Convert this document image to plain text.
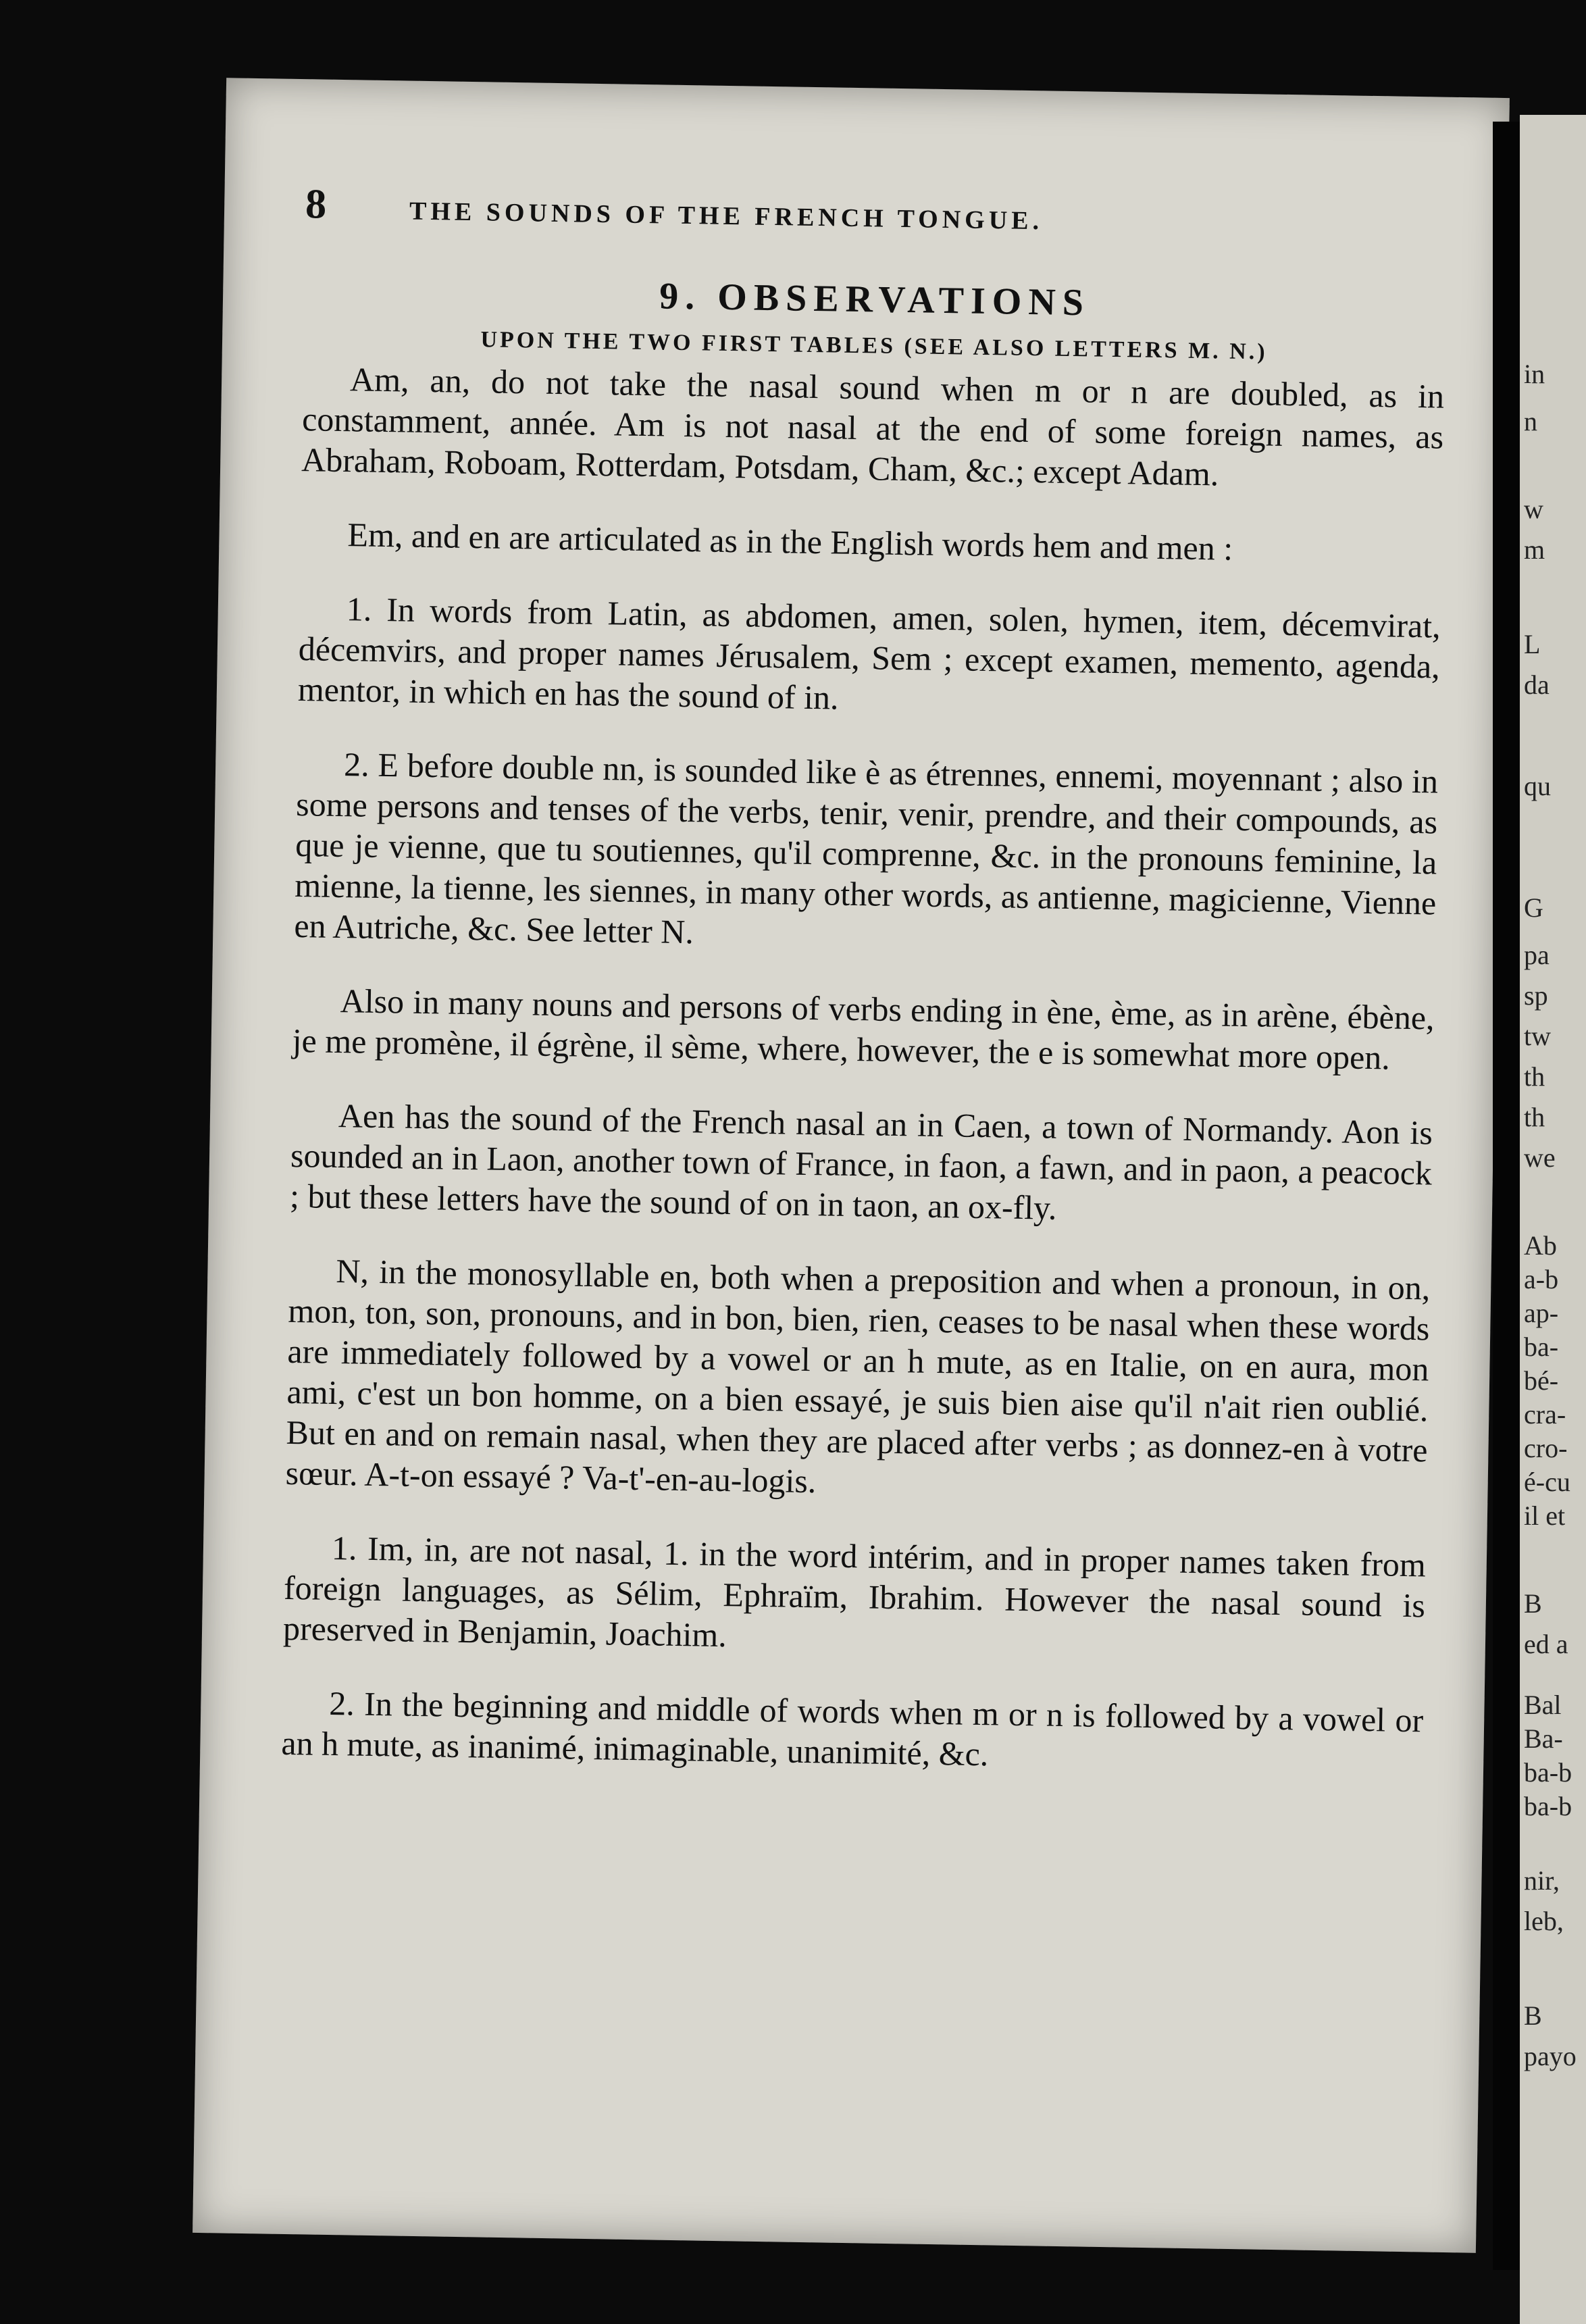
8	THE SOUNDS OF THE FRENCH TONGUE.
9. OBSERVATIONS
UPON THE TWO FIRST TABLES (SEE ALSO LETTERS M. N.)

Am, an, do not take the nasal sound when m or n are doubled, as in constamment, année. Am is not nasal at the end of some foreign names, as Abraham, Roboam, Rotterdam, Potsdam, Cham, &c.; except Adam.

Em, and en are articulated as in the English words hem and men :

1. In words from Latin, as abdomen, amen, solen, hymen, item, décemvirat, décemvirs, and proper names Jérusalem, Sem ; except examen, memento, agenda, mentor, in which en has the sound of in.

2. E before double nn, is sounded like è as étrennes, ennemi, moyennant ; also in some persons and tenses of the verbs, tenir, venir, prendre, and their compounds, as que je vienne, que tu soutiennes, qu'il comprenne, &c. in the pronouns feminine, la mienne, la tienne, les siennes, in many other words, as antienne, magicienne, Vienne en Autriche, &c. See letter N.

Also in many nouns and persons of verbs ending in ène, ème, as in arène, ébène, je me promène, il égrène, il sème, where, however, the e is somewhat more open.

Aen has the sound of the French nasal an in Caen, a town of Normandy. Aon is sounded an in Laon, another town of France, in faon, a fawn, and in paon, a peacock ; but these letters have the sound of on in taon, an ox-fly.

N, in the monosyllable en, both when a preposition and when a pronoun, in on, mon, ton, son, pronouns, and in bon, bien, rien, ceases to be nasal when these words are immediately followed by a vowel or an h mute, as en Italie, on en aura, mon ami, c'est un bon homme, on a bien essayé, je suis bien aise qu'il n'ait rien oublié. But en and on remain nasal, when they are placed after verbs ; as donnez-en à votre sœur. A-t-on essayé ? Va-t'-en-au-logis.

1. Im, in, are not nasal, 1. in the word intérim, and in proper names taken from foreign languages, as Sélim, Ephraïm, Ibrahim. However the nasal sound is preserved in Benjamin, Joachim.

2. In the beginning and middle of words when m or n is followed by a vowel or an h mute, as inanimé, inimaginable, unanimité, &c.

in
n
w
m
L
da
qu
G
pa
sp
tw
th
th
we
Ab
a-b
ap-
ba-
bé-
cra-
cro-
é-cu
il et
B
ed a
Bal
Ba-
ba-b
ba-b
nir,
leb,
B
payo
